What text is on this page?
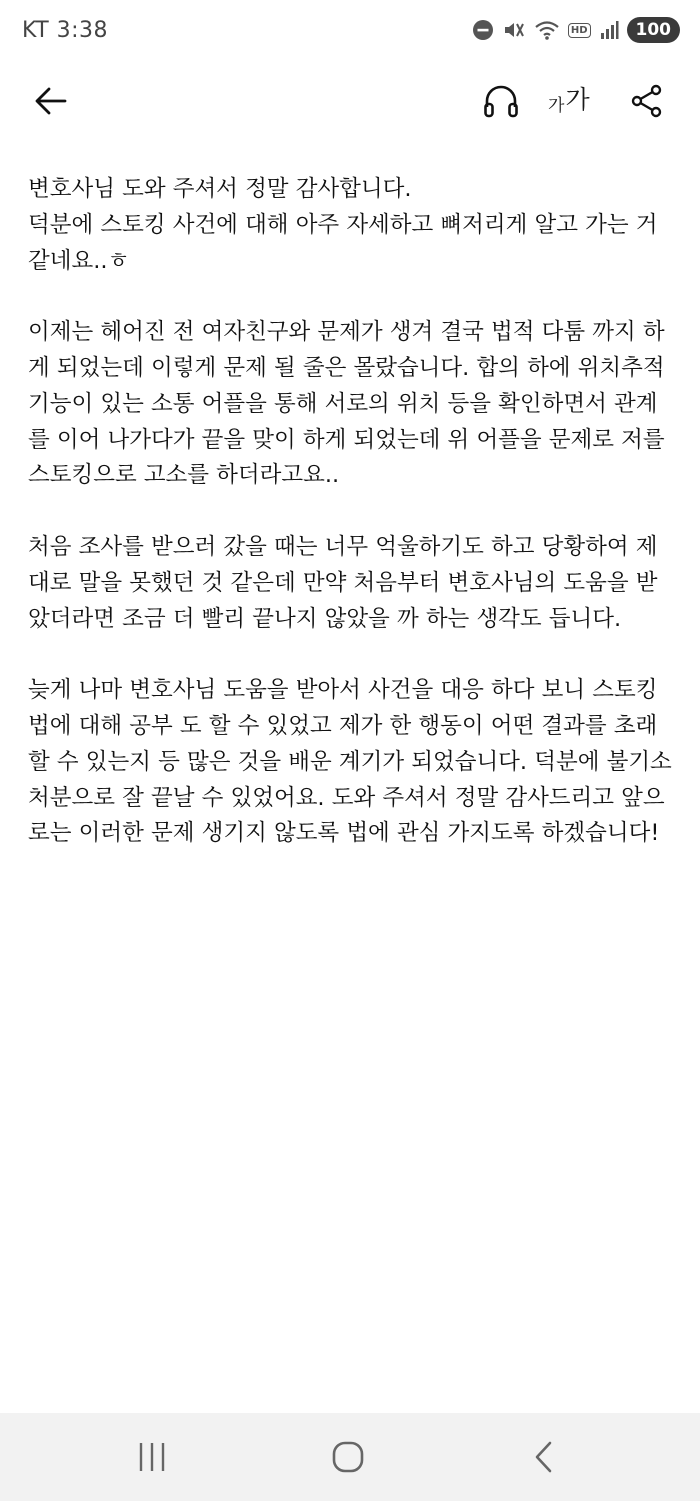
KT 3:38	HD	100
가 가

변호사님 도와 주셔서 정말 감사합니다.
덕분에 스토킹 사건에 대해 아주 자세하고 뼈저리게 알고 가는 거 같네요..ㅎ

이제는 헤어진 전 여자친구와 문제가 생겨 결국 법적 다툼 까지 하게 되었는데 이렇게 문제 될 줄은 몰랐습니다. 합의 하에 위치추적기능이 있는 소통 어플을 통해 서로의 위치 등을 확인하면서 관계를 이어 나가다가 끝을 맞이 하게 되었는데 위 어플을 문제로 저를 스토킹으로 고소를 하더라고요..

처음 조사를 받으러 갔을 때는 너무 억울하기도 하고 당황하여 제대로 말을 못했던 것 같은데 만약 처음부터 변호사님의 도움을 받았더라면 조금 더 빨리 끝나지 않았을 까 하는 생각도 듭니다.

늦게 나마 변호사님 도움을 받아서 사건을 대응 하다 보니 스토킹 법에 대해 공부 도 할 수 있었고 제가 한 행동이 어떤 결과를 초래 할 수 있는지 등 많은 것을 배운 계기가 되었습니다. 덕분에 불기소 처분으로 잘 끝날 수 있었어요. 도와 주셔서 정말 감사드리고 앞으로는 이러한 문제 생기지 않도록 법에 관심 가지도록 하겠습니다!
